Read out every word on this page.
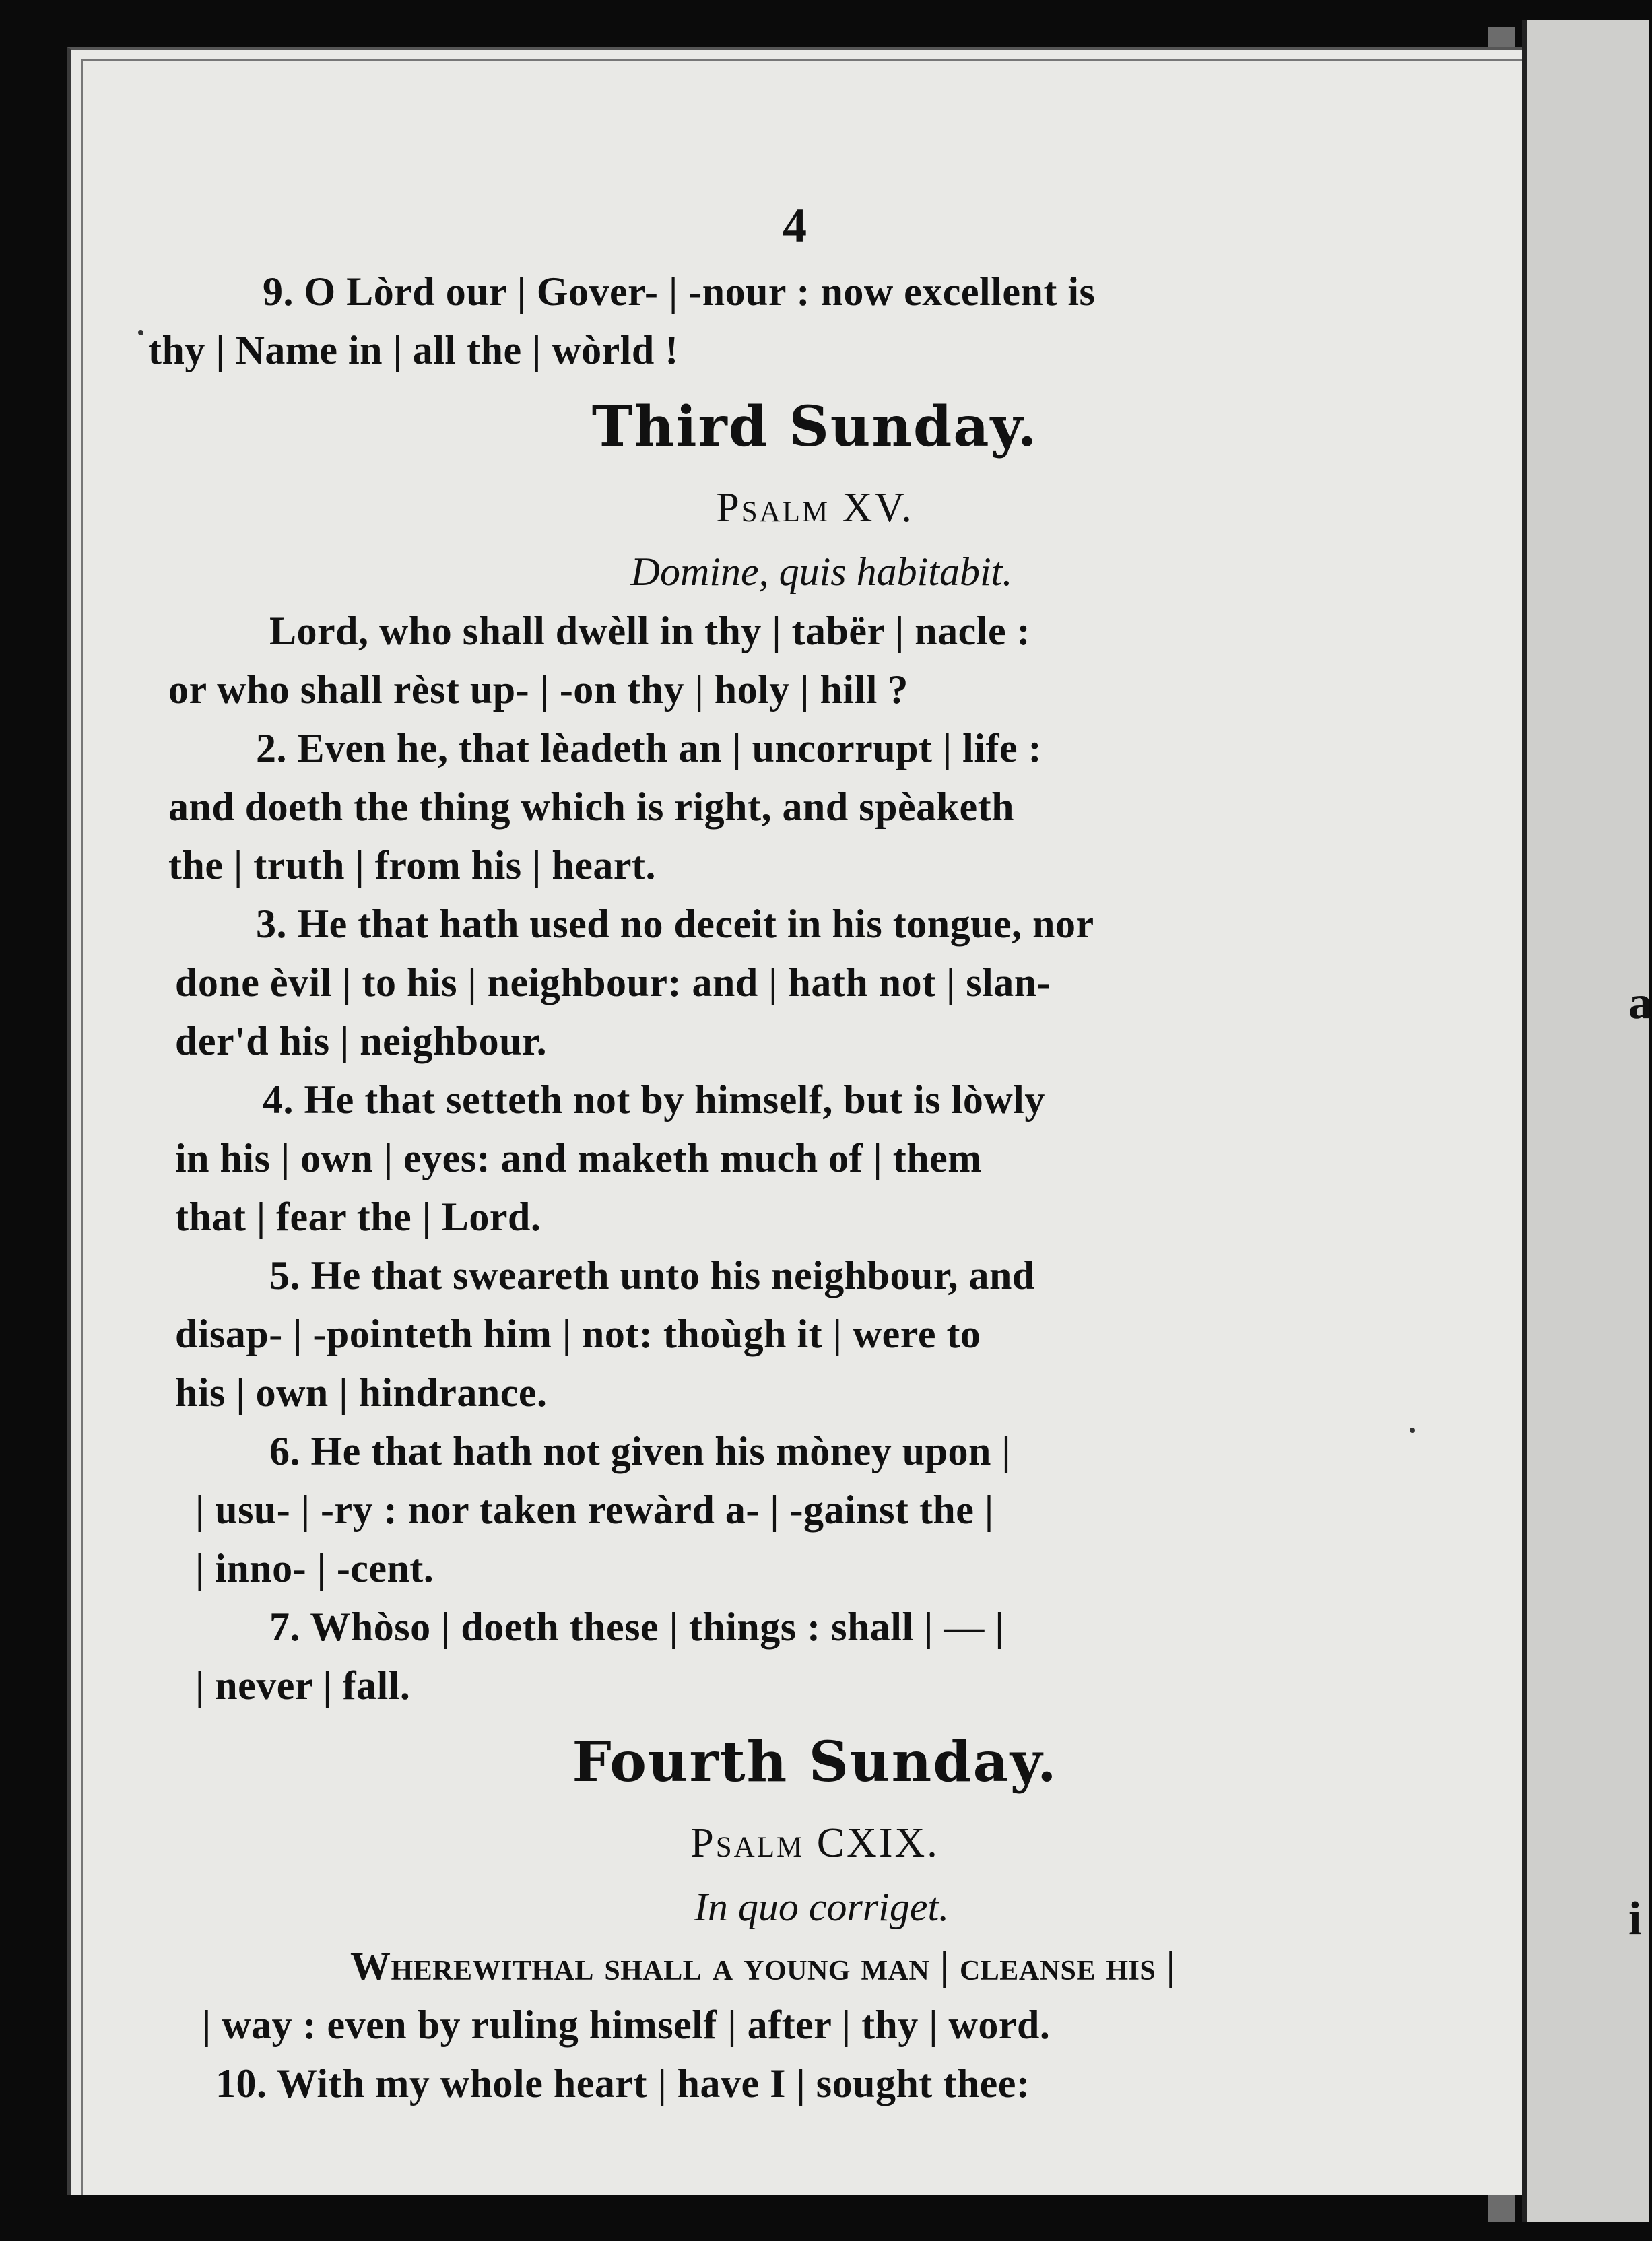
a
i
4
9. O Lòrd our | Gover- | -nour : now excellent is
thy | Name in | all the | wòrld !
Third Sunday.
Psalm XV.
Domine, quis habitabit.
Lord, who shall dwèll in thy | tabër | nacle :
or who shall rèst up- | -on thy | holy | hill ?
2. Even he, that lèadeth an | uncorrupt | life :
and doeth the thing which is right, and spèaketh
the | truth | from his | heart.
3. He that hath used no deceit in his tongue, nor
done èvil | to his | neighbour: and | hath not | slan-
der'd his | neighbour.
4. He that setteth not by himself, but is lòwly
in his | own | eyes: and maketh much of | them
that | fear the | Lord.
5. He that sweareth unto his neighbour, and
disap- | -pointeth him | not: thoùgh it | were to
his | own | hindrance.
6. He that hath not given his mòney upon |
| usu- | -ry : nor taken rewàrd a- | -gainst the |
| inno- | -cent.
7. Whòso | doeth these | things : shall | — |
| never | fall.
Fourth Sunday.
Psalm CXIX.
In quo corriget.
Wherewithal shall a young man | cleanse his |
| way : even by ruling himself | after | thy | word.
10. With my whole heart | have I | sought thee:
